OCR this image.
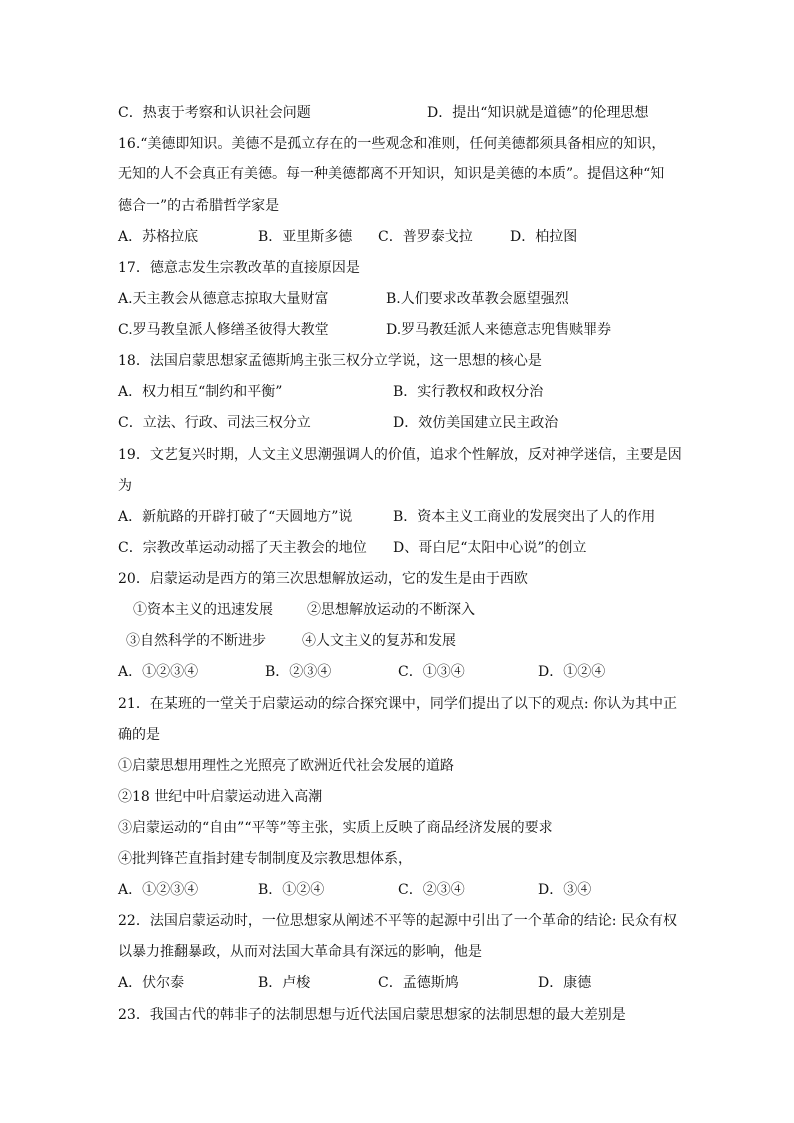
C．热衷于考察和认识社会问题	D．提出“知识就是道德”的伦理思想
16.“美德即知识。美德不是孤立存在的一些观念和准则，任何美德都须具备相应的知识，
无知的人不会真正有美德。每一种美德都离不开知识，知识是美德的本质”。提倡这种“知
德合一”的古希腊哲学家是
A．苏格拉底	B．亚里斯多德 C．普罗泰戈拉	D．柏拉图
17．德意志发生宗教改革的直接原因是
A.天主教会从德意志掠取大量财富	B.人们要求改革教会愿望强烈
C.罗马教皇派人修缮圣彼得大教堂	D.罗马教廷派人来德意志兜售赎罪券
18．法国启蒙思想家孟德斯鸠主张三权分立学说，这一思想的核心是
A．权力相互“制约和平衡”	B．实行教权和政权分治
C．立法、行政、司法三权分立	D．效仿美国建立民主政治
19．文艺复兴时期，人文主义思潮强调人的价值，追求个性解放，反对神学迷信，主要是因
为
A．新航路的开辟打破了“天圆地方”说	B．资本主义工商业的发展突出了人的作用
C．宗教改革运动动摇了天主教会的地位 D、哥白尼“太阳中心说”的创立
20．启蒙运动是西方的第三次思想解放运动，它的发生是由于西欧
①资本主义的迅速发展 ②思想解放运动的不断深入
③自然科学的不断进步	④人文主义的复苏和发展
A．①②③④	B．②③④	C．①③④	D．①②④
21．在某班的一堂关于启蒙运动的综合探究课中，同学们提出了以下的观点: 你认为其中正
确的是
①启蒙思想用理性之光照亮了欧洲近代社会发展的道路
②18 世纪中叶启蒙运动进入高潮
③启蒙运动的“自由”“平等”等主张，实质上反映了商品经济发展的要求
④批判锋芒直指封建专制制度及宗教思想体系，
A．①②③④	B．①②④	C．②③④	D．③④
22．法国启蒙运动时，一位思想家从阐述不平等的起源中引出了一个革命的结论: 民众有权
以暴力推翻暴政，从而对法国大革命具有深远的影响，他是
A．伏尔泰	B．卢梭	C．孟德斯鸠	D．康德
23．我国古代的韩非子的法制思想与近代法国启蒙思想家的法制思想的最大差别是
